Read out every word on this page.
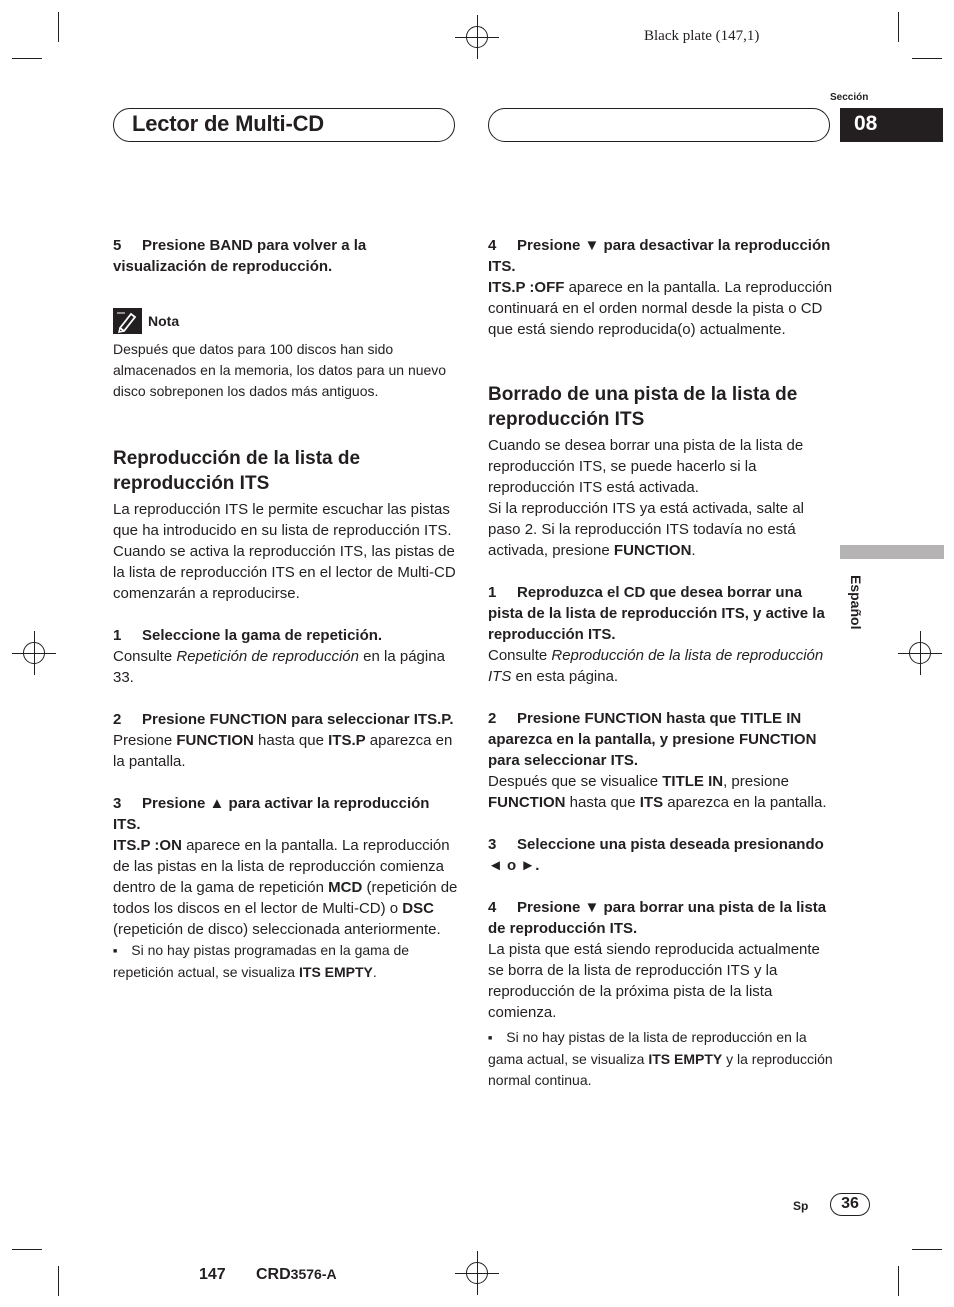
Black plate (147,1)
Sección
Lector de Multi-CD	08

5 Presione BAND para volver a la visualización de reproducción.

Nota

Después que datos para 100 discos han sido almacenados en la memoria, los datos para un nuevo disco sobreponen los dados más antiguos.

Reproducción de la lista de reproducción ITS

La reproducción ITS le permite escuchar las pistas que ha introducido en su lista de reproducción ITS. Cuando se activa la reproducción ITS, las pistas de la lista de reproducción ITS en el lector de Multi-CD comenzarán a reproducirse.

1 Seleccione la gama de repetición.

Consulte Repetición de reproducción en la página 33.

2 Presione FUNCTION para seleccionar ITS.P.

Presione FUNCTION hasta que ITS.P aparezca en la pantalla.

3 Presione ▲ para activar la reproducción ITS.

ITS.P :ON aparece en la pantalla. La reproducción de las pistas en la lista de reproducción comienza dentro de la gama de repetición MCD (repetición de todos los discos en el lector de Multi-CD) o DSC (repetición de disco) seleccionada anteriormente.

■ Si no hay pistas programadas en la gama de repetición actual, se visualiza ITS EMPTY.

4 Presione ▼ para desactivar la reproducción ITS.

ITS.P :OFF aparece en la pantalla. La reproducción continuará en el orden normal desde la pista o CD que está siendo reproducida(o) actualmente.

Borrado de una pista de la lista de reproducción ITS

Cuando se desea borrar una pista de la lista de reproducción ITS, se puede hacerlo si la reproducción ITS está activada.

Si la reproducción ITS ya está activada, salte al paso 2. Si la reproducción ITS todavía no está activada, presione FUNCTION.

1 Reproduzca el CD que desea borrar una pista de la lista de reproducción ITS, y active la reproducción ITS.

Consulte Reproducción de la lista de reproducción ITS en esta página.

2 Presione FUNCTION hasta que TITLE IN aparezca en la pantalla, y presione FUNCTION para seleccionar ITS.

Después que se visualice TITLE IN, presione FUNCTION hasta que ITS aparezca en la pantalla.

3 Seleccione una pista deseada presionando ◄ o ►.

4 Presione ▼ para borrar una pista de la lista de reproducción ITS.

La pista que está siendo reproducida actualmente se borra de la lista de reproducción ITS y la reproducción de la próxima pista de la lista comienza.

■ Si no hay pistas de la lista de reproducción en la gama actual, se visualiza ITS EMPTY y la reproducción normal continua.

Español
Sp	36
147 CRD3576-A
